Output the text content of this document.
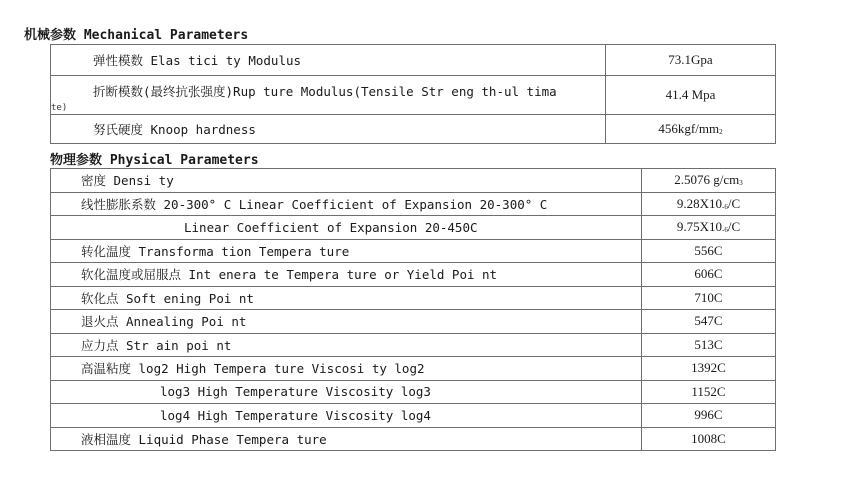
机械参数 Mechanical Parameters
弹性模数 Elas tici ty Modulus	73.1Gpa

折断模数(最终抗张强度)Rup ture Modulus(Tensile Str eng th-ul tima
te)	41.4 Mpa
努氏硬度 Knoop hardness	$456kgf/mm_2$
物理参数 Physical Parameters
密度 Densi ty	2.5076 $g/cm_3$
线性膨胀系数 20-300° C Linear Coefficient of Expansion 20-300° C	$9.28X10_{-6}/C$
Linear Coefficient of Expansion 20-450C	$9.75X10_{-6}/C$
转化温度 Transforma tion Tempera ture	556C
软化温度或屈服点 Int enera te Tempera ture or Yield Poi nt	606C
软化点 Soft ening Poi nt	710C
退火点 Annealing Poi nt	547C
应力点 Str ain poi nt	513C
高温粘度 log2 High Tempera ture Viscosi ty log2	1392C
log3 High Temperature Viscosity log3	1152C
log4 High Temperature Viscosity log4	996C
液相温度 Liquid Phase Tempera ture	1008C
